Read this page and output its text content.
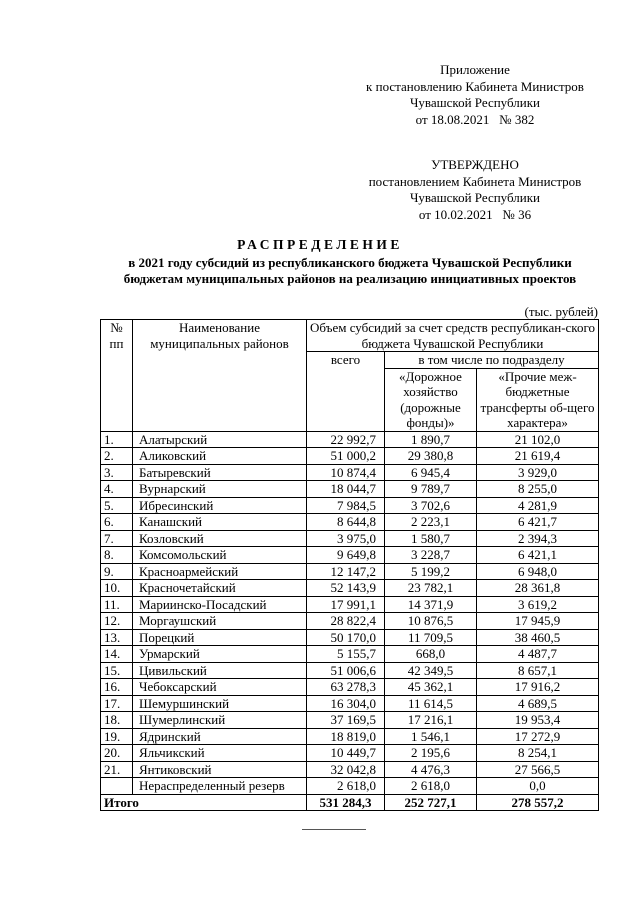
Приложение
к постановлению Кабинета Министров
Чувашской Республики
от 18.08.2021   № 382
УТВЕРЖДЕНО
постановлением Кабинета Министров
Чувашской Республики
от 10.02.2021   № 36
РАСПРЕДЕЛЕНИЕ
в 2021 году субсидий из республиканского бюджета Чувашской Республики
бюджетам муниципальных районов на реализацию инициативных проектов
(тыс. рублей)
№ пп	Наименование муниципальных районов	Объем субсидий за счет средств республикан-ского бюджета Чувашской Республики		
		всего	в том числе по подразделу	
			«Дорожное хозяйство (дорожные фонды)»	«Прочие меж-бюджетные трансферты об-щего характера»
1.	Алатырский	22 992,7	1 890,7	21 102,0
2.	Аликовский	51 000,2	29 380,8	21 619,4
3.	Батыревский	10 874,4	6 945,4	3 929,0
4.	Вурнарский	18 044,7	9 789,7	8 255,0
5.	Ибресинский	7 984,5	3 702,6	4 281,9
6.	Канашский	8 644,8	2 223,1	6 421,7
7.	Козловский	3 975,0	1 580,7	2 394,3
8.	Комсомольский	9 649,8	3 228,7	6 421,1
9.	Красноармейский	12 147,2	5 199,2	6 948,0
10.	Красночетайский	52 143,9	23 782,1	28 361,8
11.	Мариинско-Посадский	17 991,1	14 371,9	3 619,2
12.	Моргаушский	28 822,4	10 876,5	17 945,9
13.	Порецкий	50 170,0	11 709,5	38 460,5
14.	Урмарский	5 155,7	668,0	4 487,7
15.	Цивильский	51 006,6	42 349,5	8 657,1
16.	Чебоксарский	63 278,3	45 362,1	17 916,2
17.	Шемуршинский	16 304,0	11 614,5	4 689,5
18.	Шумерлинский	37 169,5	17 216,1	19 953,4
19.	Ядринский	18 819,0	1 546,1	17 272,9
20.	Яльчикский	10 449,7	2 195,6	8 254,1
21.	Янтиковский	32 042,8	4 476,3	27 566,5
	Нераспределенный резерв	2 618,0	2 618,0	0,0
Итого		531 284,3	252 727,1	278 557,2
